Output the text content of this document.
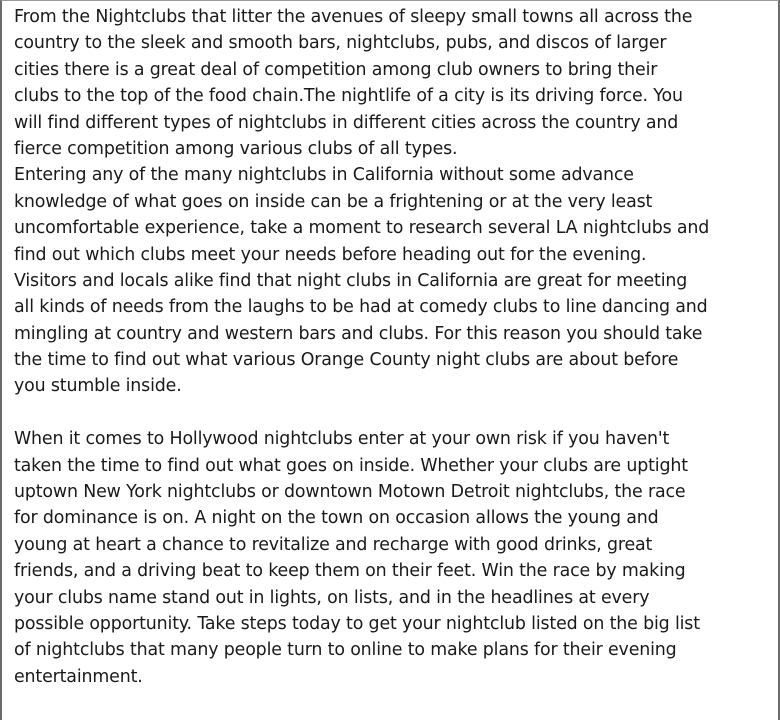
From the Nightclubs that litter the avenues of sleepy small towns all across the
country to the sleek and smooth bars, nightclubs, pubs, and discos of larger
cities there is a great deal of competition among club owners to bring their
clubs to the top of the food chain.The nightlife of a city is its driving force. You
will find different types of nightclubs in different cities across the country and
fierce competition among various clubs of all types.
Entering any of the many nightclubs in California without some advance
knowledge of what goes on inside can be a frightening or at the very least
uncomfortable experience, take a moment to research several LA nightclubs and
find out which clubs meet your needs before heading out for the evening.
Visitors and locals alike find that night clubs in California are great for meeting
all kinds of needs from the laughs to be had at comedy clubs to line dancing and
mingling at country and western bars and clubs. For this reason you should take
the time to find out what various Orange County night clubs are about before
you stumble inside.
When it comes to Hollywood nightclubs enter at your own risk if you haven't
taken the time to find out what goes on inside. Whether your clubs are uptight
uptown New York nightclubs or downtown Motown Detroit nightclubs, the race
for dominance is on. A night on the town on occasion allows the young and
young at heart a chance to revitalize and recharge with good drinks, great
friends, and a driving beat to keep them on their feet. Win the race by making
your clubs name stand out in lights, on lists, and in the headlines at every
possible opportunity. Take steps today to get your nightclub listed on the big list
of nightclubs that many people turn to online to make plans for their evening
entertainment.
